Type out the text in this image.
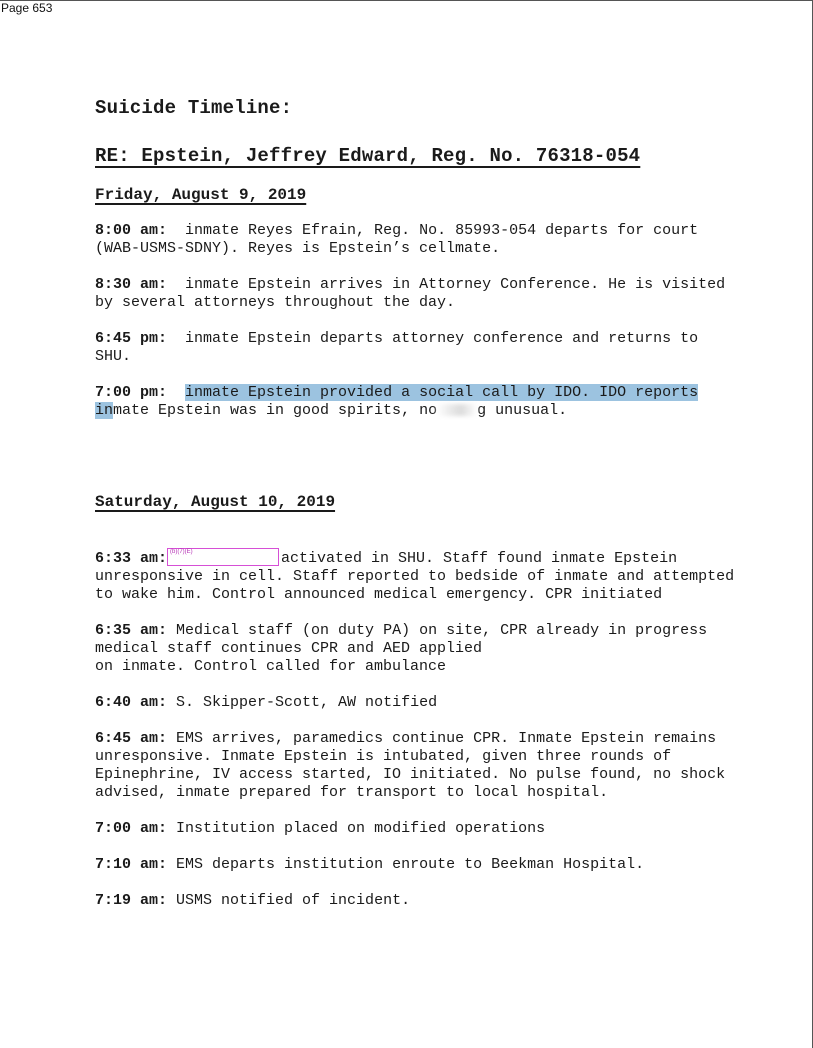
Page 653

Suicide Timeline:

RE: Epstein, Jeffrey Edward, Reg. No. 76318-054

Friday, August 9, 2019

8:00 am: inmate Reyes Efrain, Reg. No. 85993-054 departs for court (WAB-USMS-SDNY). Reyes is Epstein’s cellmate.

8:30 am: inmate Epstein arrives in Attorney Conference. He is visited by several attorneys throughout the day.

6:45 pm: inmate Epstein departs attorney conference and returns to SHU.

7:00 pm: inmate Epstein provided a social call by IDO. IDO reports inmate Epstein was in good spirits, no	g unusual.

Saturday, August 10, 2019

6:33 am: (b)(7)(E)	activated in SHU. Staff found inmate Epstein unresponsive in cell. Staff reported to bedside of inmate and attempted to wake him. Control announced medical emergency. CPR initiated

6:35 am: Medical staff (on duty PA) on site, CPR already in progress medical staff continues CPR and AED applied
on inmate. Control called for ambulance

6:40 am: S. Skipper-Scott, AW notified

6:45 am: EMS arrives, paramedics continue CPR. Inmate Epstein remains unresponsive. Inmate Epstein is intubated, given three rounds of Epinephrine, IV access started, IO initiated. No pulse found, no shock advised, inmate prepared for transport to local hospital.

7:00 am: Institution placed on modified operations

7:10 am: EMS departs institution enroute to Beekman Hospital.

7:19 am: USMS notified of incident.
